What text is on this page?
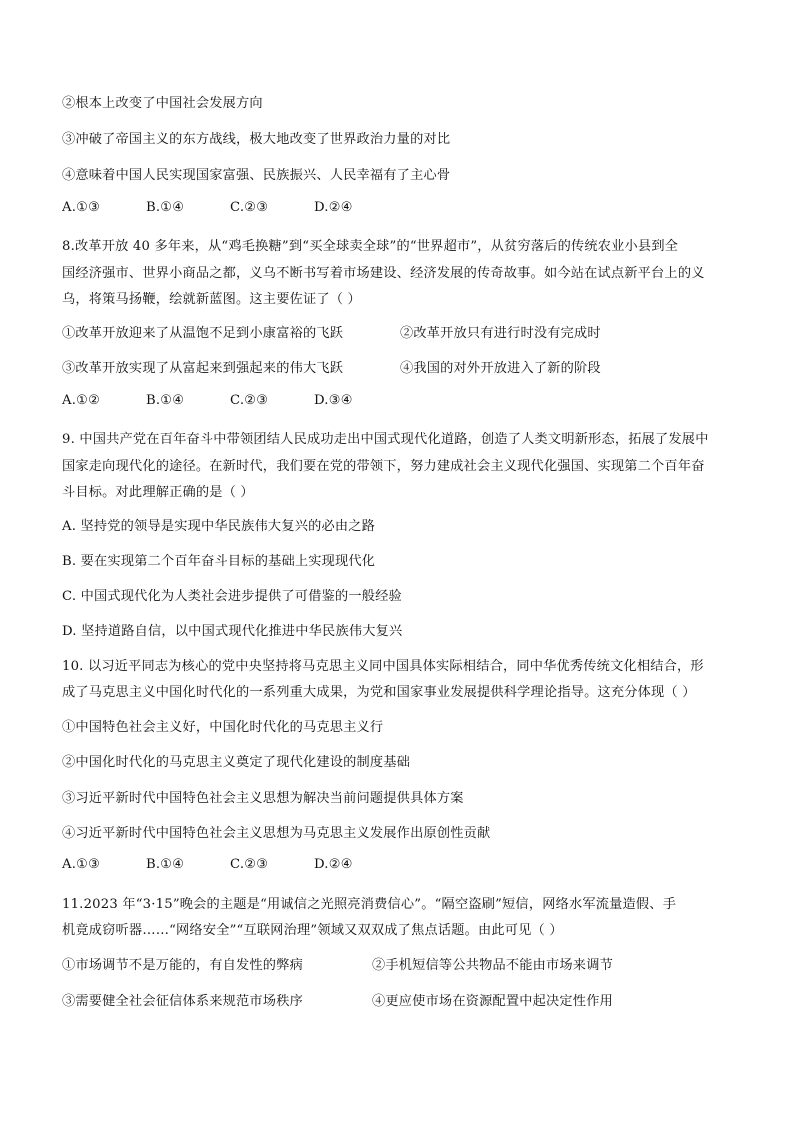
②根本上改变了中国社会发展方向
③冲破了帝国主义的东方战线，极大地改变了世界政治力量的对比
④意味着中国人民实现国家富强、民族振兴、人民幸福有了主心骨
A.①③	B.①④	C.②③	D.②④
8.改革开放 40 多年来，从“鸡毛换糖”到“买全球卖全球”的“世界超市”，从贫穷落后的传统农业小县到全
国经济强市、世界小商品之都，义乌不断书写着市场建设、经济发展的传奇故事。如今站在试点新平台上的义
乌，将策马扬鞭，绘就新蓝图。这主要佐证了（ ）
①改革开放迎来了从温饱不足到小康富裕的飞跃	②改革开放只有进行时没有完成时
③改革开放实现了从富起来到强起来的伟大飞跃	④我国的对外开放进入了新的阶段
A.①②	B.①④	C.②③	D.③④
9. 中国共产党在百年奋斗中带领团结人民成功走出中国式现代化道路，创造了人类文明新形态，拓展了发展中
国家走向现代化的途径。在新时代，我们要在党的带领下，努力建成社会主义现代化强国、实现第二个百年奋
斗目标。对此理解正确的是（ ）
A. 坚持党的领导是实现中华民族伟大复兴的必由之路
B. 要在实现第二个百年奋斗目标的基础上实现现代化
C. 中国式现代化为人类社会进步提供了可借鉴的一般经验
D. 坚持道路自信，以中国式现代化推进中华民族伟大复兴
10. 以习近平同志为核心的党中央坚持将马克思主义同中国具体实际相结合，同中华优秀传统文化相结合，形
成了马克思主义中国化时代化的一系列重大成果，为党和国家事业发展提供科学理论指导。这充分体现（ ）
①中国特色社会主义好，中国化时代化的马克思主义行
②中国化时代化的马克思主义奠定了现代化建设的制度基础
③习近平新时代中国特色社会主义思想为解决当前问题提供具体方案
④习近平新时代中国特色社会主义思想为马克思主义发展作出原创性贡献
A.①③	B.①④	C.②③	D.②④
11.2023 年“3·15”晚会的主题是“用诚信之光照亮消费信心”。“隔空盗刷”短信，网络水军流量造假、手
机竟成窃听器……“网络安全”“互联网治理”领域又双双成了焦点话题。由此可见（ ）
①市场调节不是万能的，有自发性的弊病	②手机短信等公共物品不能由市场来调节
③需要健全社会征信体系来规范市场秩序	④更应使市场在资源配置中起决定性作用
